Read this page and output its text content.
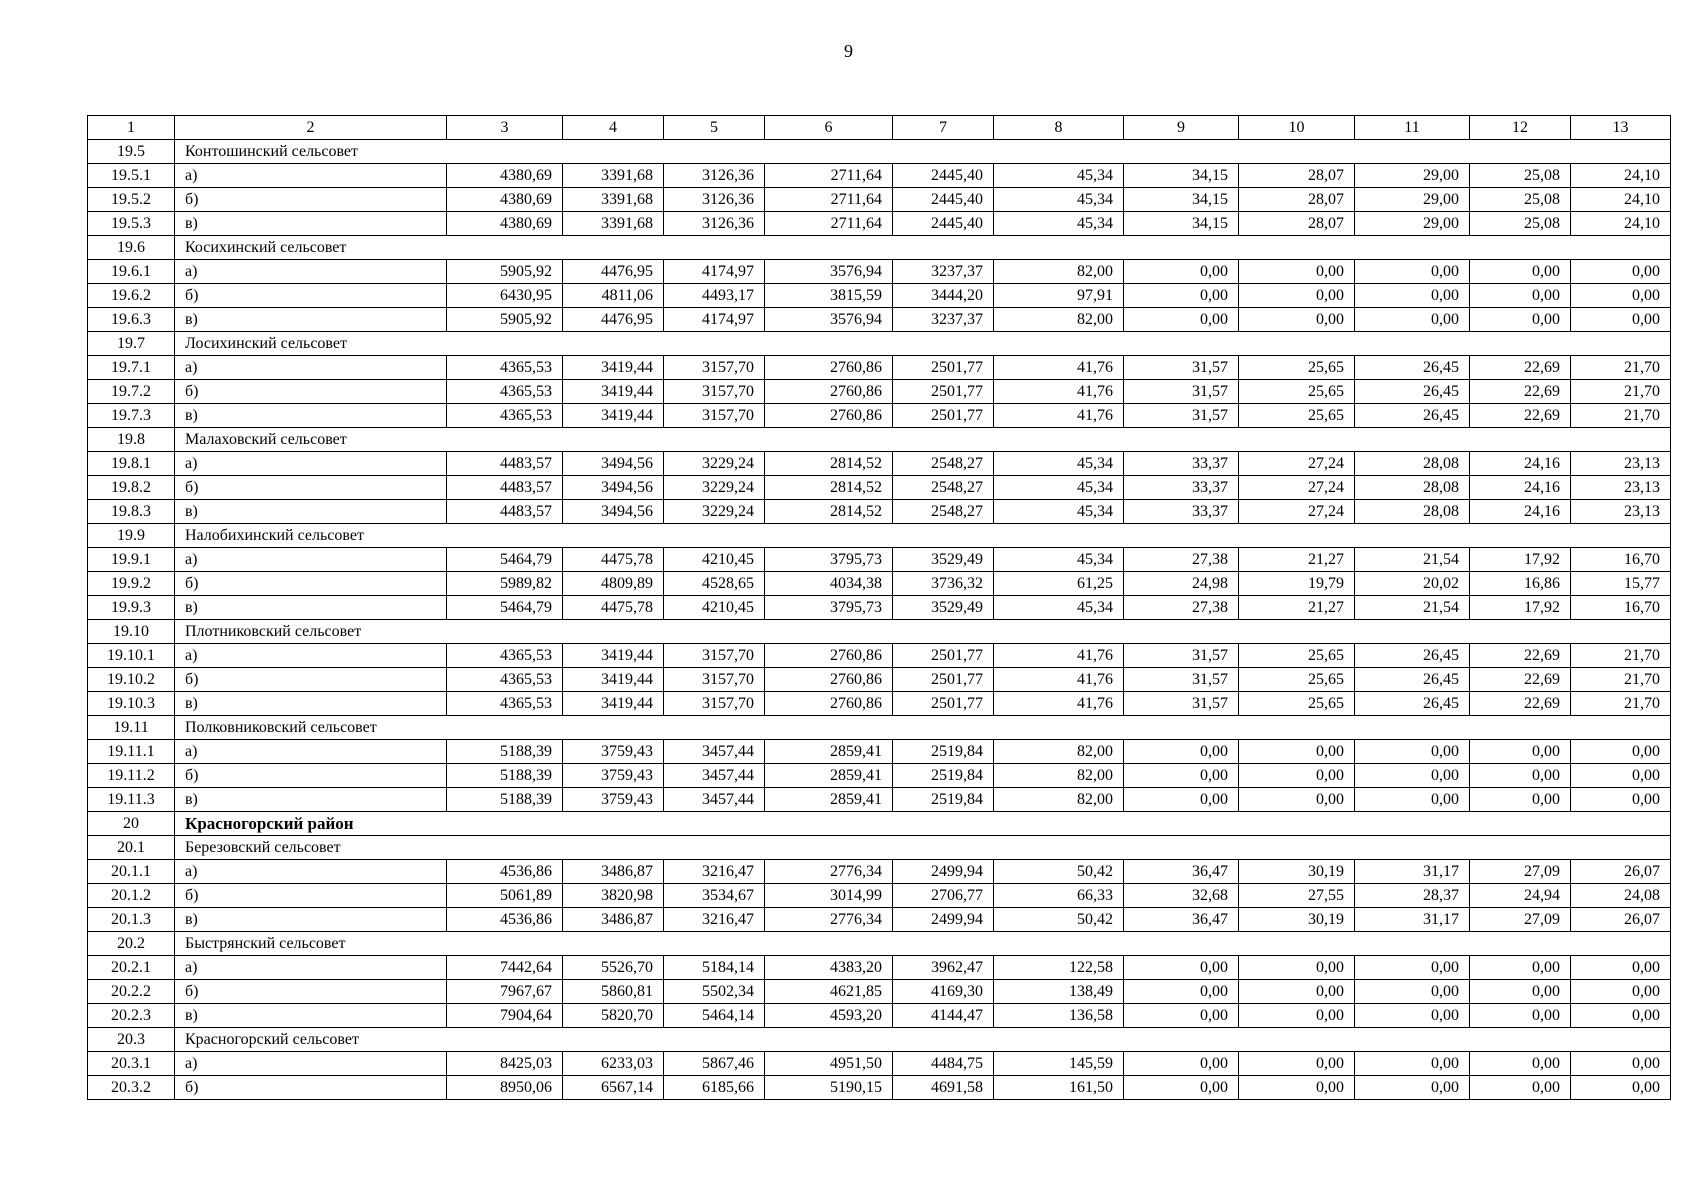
9
1	2	3	4	5	6	7	8	9	10	11	12	13
19.5	Контошинский сельсовет											
19.5.1	а)	4380,69	3391,68	3126,36	2711,64	2445,40	45,34	34,15	28,07	29,00	25,08	24,10
19.5.2	б)	4380,69	3391,68	3126,36	2711,64	2445,40	45,34	34,15	28,07	29,00	25,08	24,10
19.5.3	в)	4380,69	3391,68	3126,36	2711,64	2445,40	45,34	34,15	28,07	29,00	25,08	24,10
19.6	Косихинский сельсовет											
19.6.1	а)	5905,92	4476,95	4174,97	3576,94	3237,37	82,00	0,00	0,00	0,00	0,00	0,00
19.6.2	б)	6430,95	4811,06	4493,17	3815,59	3444,20	97,91	0,00	0,00	0,00	0,00	0,00
19.6.3	в)	5905,92	4476,95	4174,97	3576,94	3237,37	82,00	0,00	0,00	0,00	0,00	0,00
19.7	Лосихинский сельсовет											
19.7.1	а)	4365,53	3419,44	3157,70	2760,86	2501,77	41,76	31,57	25,65	26,45	22,69	21,70
19.7.2	б)	4365,53	3419,44	3157,70	2760,86	2501,77	41,76	31,57	25,65	26,45	22,69	21,70
19.7.3	в)	4365,53	3419,44	3157,70	2760,86	2501,77	41,76	31,57	25,65	26,45	22,69	21,70
19.8	Малаховский сельсовет											
19.8.1	а)	4483,57	3494,56	3229,24	2814,52	2548,27	45,34	33,37	27,24	28,08	24,16	23,13
19.8.2	б)	4483,57	3494,56	3229,24	2814,52	2548,27	45,34	33,37	27,24	28,08	24,16	23,13
19.8.3	в)	4483,57	3494,56	3229,24	2814,52	2548,27	45,34	33,37	27,24	28,08	24,16	23,13
19.9	Налобихинский сельсовет											
19.9.1	а)	5464,79	4475,78	4210,45	3795,73	3529,49	45,34	27,38	21,27	21,54	17,92	16,70
19.9.2	б)	5989,82	4809,89	4528,65	4034,38	3736,32	61,25	24,98	19,79	20,02	16,86	15,77
19.9.3	в)	5464,79	4475,78	4210,45	3795,73	3529,49	45,34	27,38	21,27	21,54	17,92	16,70
19.10	Плотниковский сельсовет											
19.10.1	а)	4365,53	3419,44	3157,70	2760,86	2501,77	41,76	31,57	25,65	26,45	22,69	21,70
19.10.2	б)	4365,53	3419,44	3157,70	2760,86	2501,77	41,76	31,57	25,65	26,45	22,69	21,70
19.10.3	в)	4365,53	3419,44	3157,70	2760,86	2501,77	41,76	31,57	25,65	26,45	22,69	21,70
19.11	Полковниковский сельсовет											
19.11.1	а)	5188,39	3759,43	3457,44	2859,41	2519,84	82,00	0,00	0,00	0,00	0,00	0,00
19.11.2	б)	5188,39	3759,43	3457,44	2859,41	2519,84	82,00	0,00	0,00	0,00	0,00	0,00
19.11.3	в)	5188,39	3759,43	3457,44	2859,41	2519,84	82,00	0,00	0,00	0,00	0,00	0,00
20	Красногорский район											
20.1	Березовский сельсовет											
20.1.1	а)	4536,86	3486,87	3216,47	2776,34	2499,94	50,42	36,47	30,19	31,17	27,09	26,07
20.1.2	б)	5061,89	3820,98	3534,67	3014,99	2706,77	66,33	32,68	27,55	28,37	24,94	24,08
20.1.3	в)	4536,86	3486,87	3216,47	2776,34	2499,94	50,42	36,47	30,19	31,17	27,09	26,07
20.2	Быстрянский сельсовет											
20.2.1	а)	7442,64	5526,70	5184,14	4383,20	3962,47	122,58	0,00	0,00	0,00	0,00	0,00
20.2.2	б)	7967,67	5860,81	5502,34	4621,85	4169,30	138,49	0,00	0,00	0,00	0,00	0,00
20.2.3	в)	7904,64	5820,70	5464,14	4593,20	4144,47	136,58	0,00	0,00	0,00	0,00	0,00
20.3	Красногорский сельсовет											
20.3.1	а)	8425,03	6233,03	5867,46	4951,50	4484,75	145,59	0,00	0,00	0,00	0,00	0,00
20.3.2	б)	8950,06	6567,14	6185,66	5190,15	4691,58	161,50	0,00	0,00	0,00	0,00	0,00
